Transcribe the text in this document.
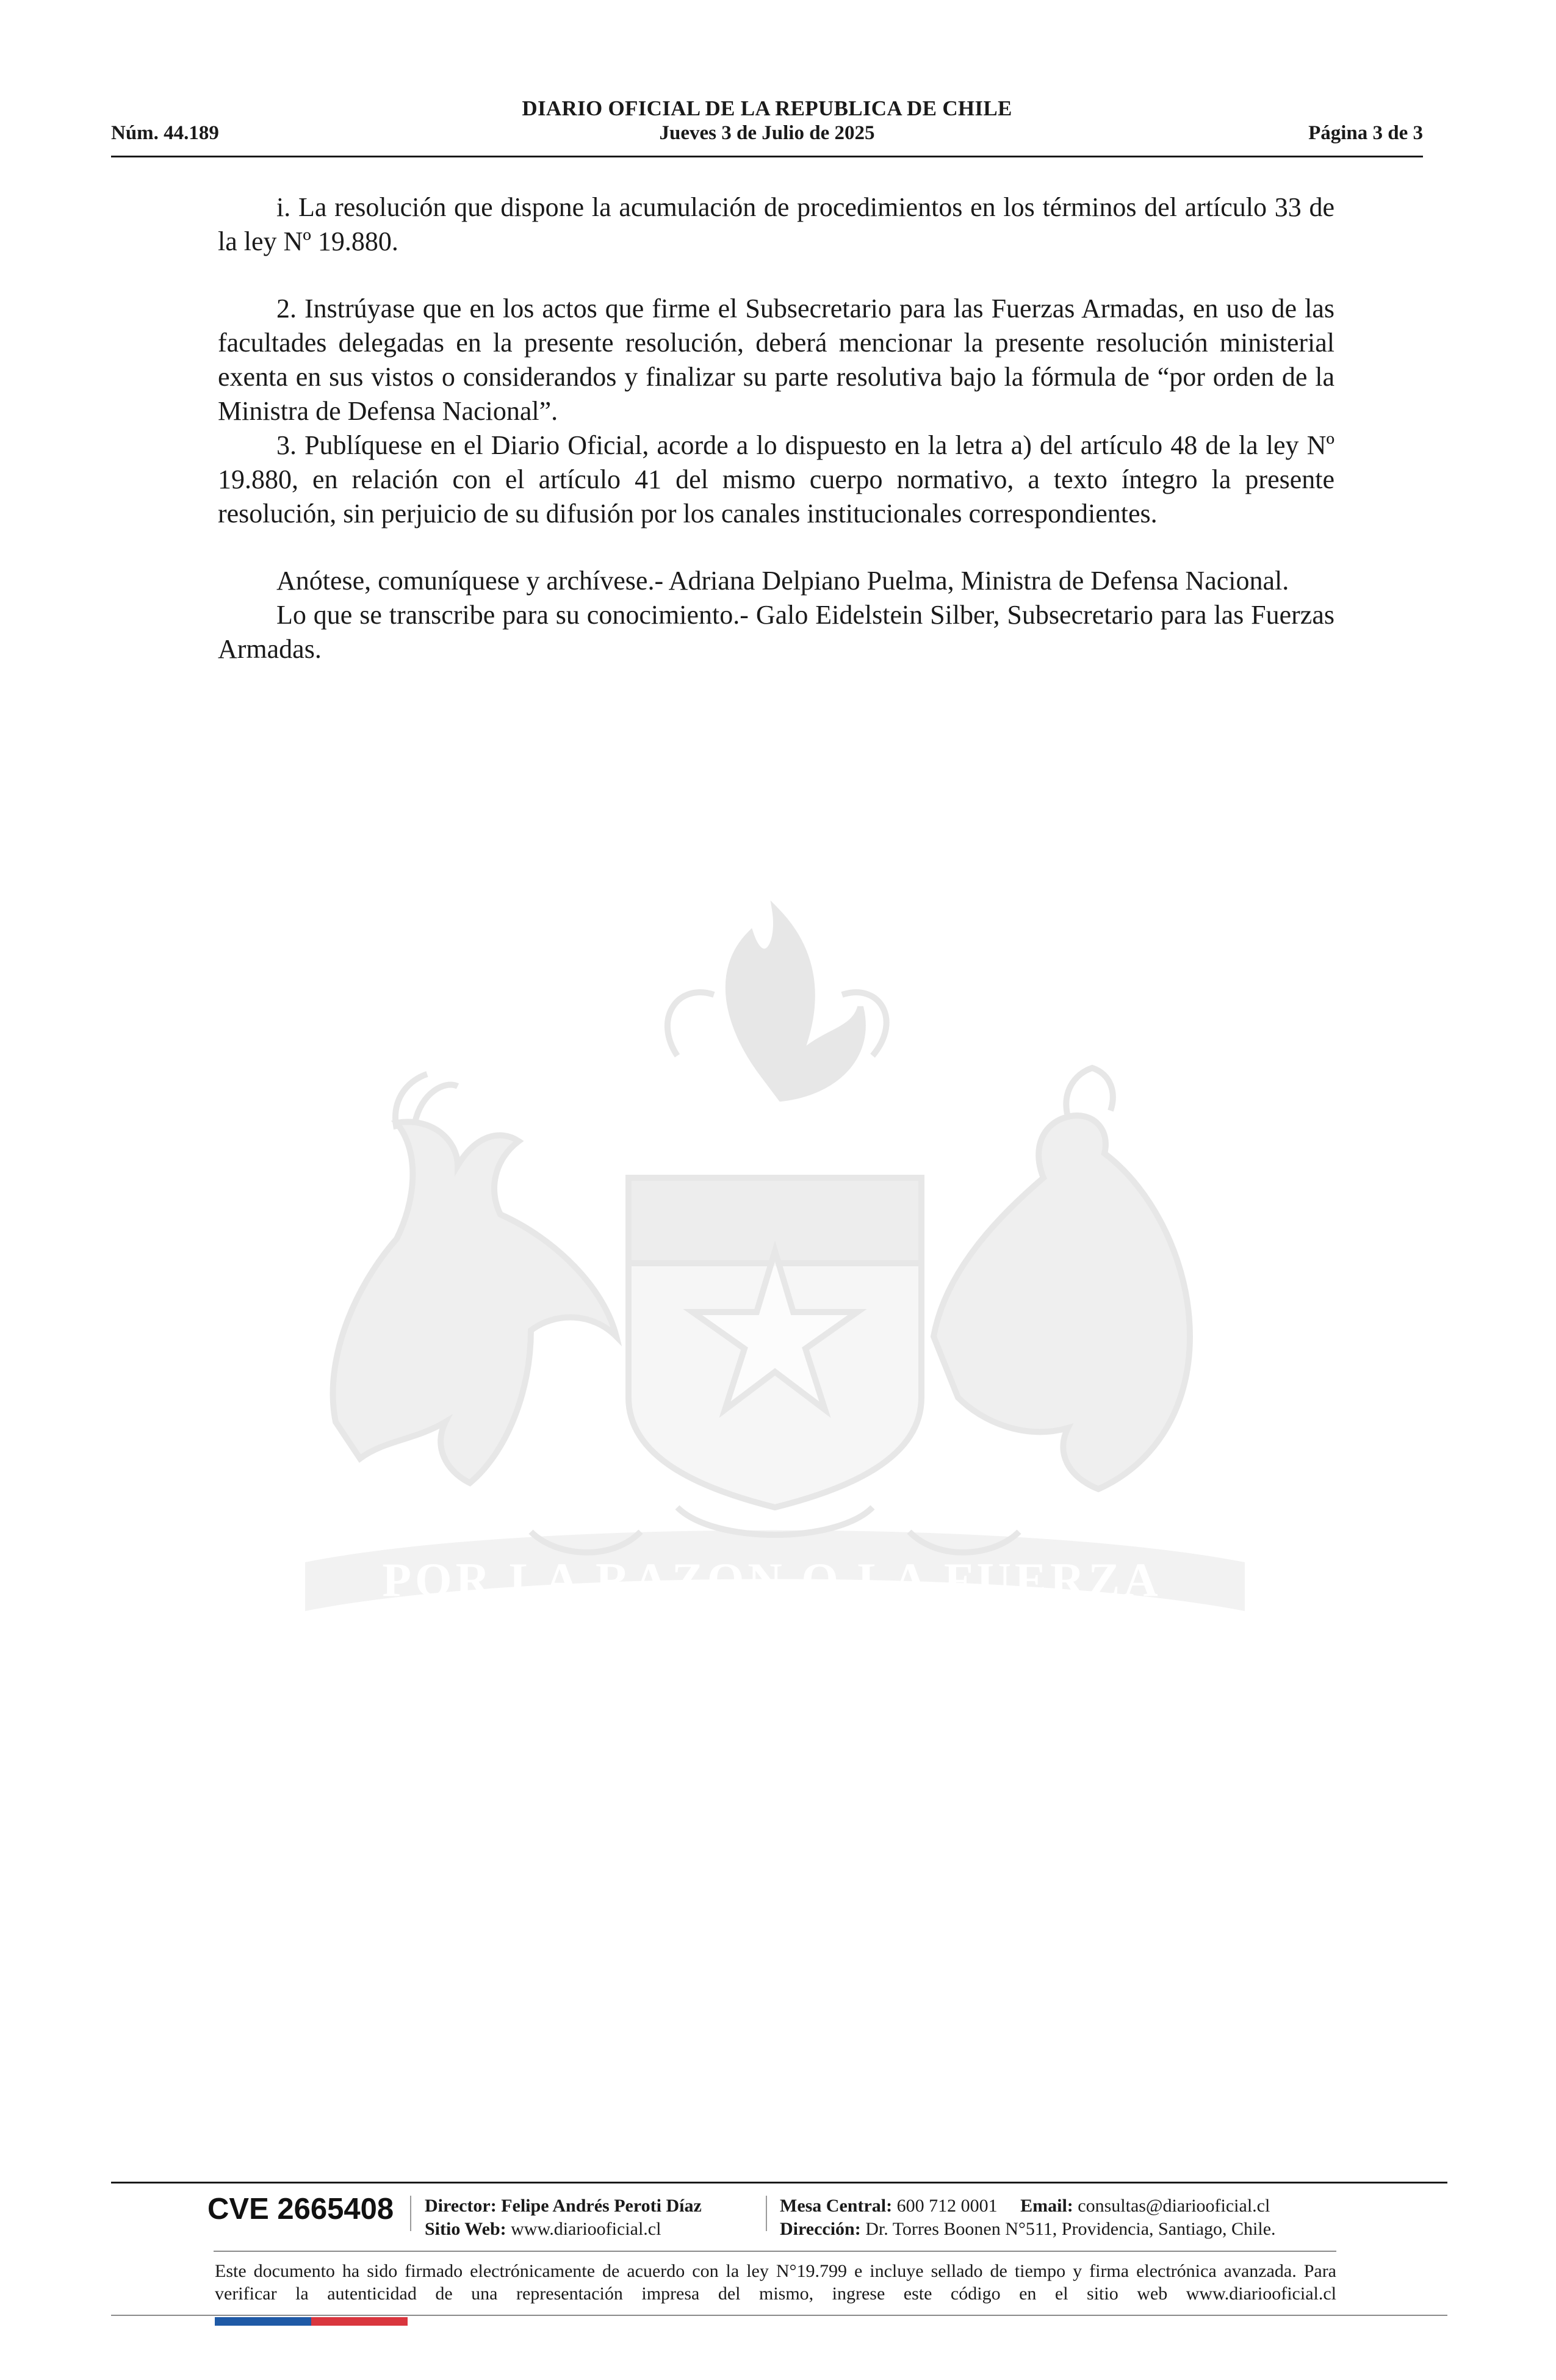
DIARIO OFICIAL DE LA REPUBLICA DE CHILE
Núm. 44.189	Jueves 3 de Julio de 2025	Página 3 de 3
POR LA RAZON O LA FUERZA

i. La resolución que dispone la acumulación de procedimientos en los términos del artículo 33 de la ley Nº 19.880.

2. Instrúyase que en los actos que firme el Subsecretario para las Fuerzas Armadas, en uso de las facultades delegadas en la presente resolución, deberá mencionar la presente resolución ministerial exenta en sus vistos o considerandos y finalizar su parte resolutiva bajo la fórmula de “por orden de la Ministra de Defensa Nacional”.

3. Publíquese en el Diario Oficial, acorde a lo dispuesto en la letra a) del artículo 48 de la ley Nº 19.880, en relación con el artículo 41 del mismo cuerpo normativo, a texto íntegro la presente resolución, sin perjuicio de su difusión por los canales institucionales correspondientes.

Anótese, comuníquese y archívese.- Adriana Delpiano Puelma, Ministra de Defensa Nacional.

Lo que se transcribe para su conocimiento.- Galo Eidelstein Silber, Subsecretario para las Fuerzas Armadas.

CVE 2665408 Director: Felipe Andrés Peroti Díaz
Sitio Web: www.diariooficial.cl
Mesa Central: 600 712 0001 Email: consultas@diariooficial.cl
Dirección: Dr. Torres Boonen N°511, Providencia, Santiago, Chile.
Este documento ha sido firmado electrónicamente de acuerdo con la ley N°19.799 e incluye sellado de tiempo y firma electrónica avanzada. Para verificar la autenticidad de una representación impresa del mismo, ingrese este código en el sitio web www.diariooficial.cl
